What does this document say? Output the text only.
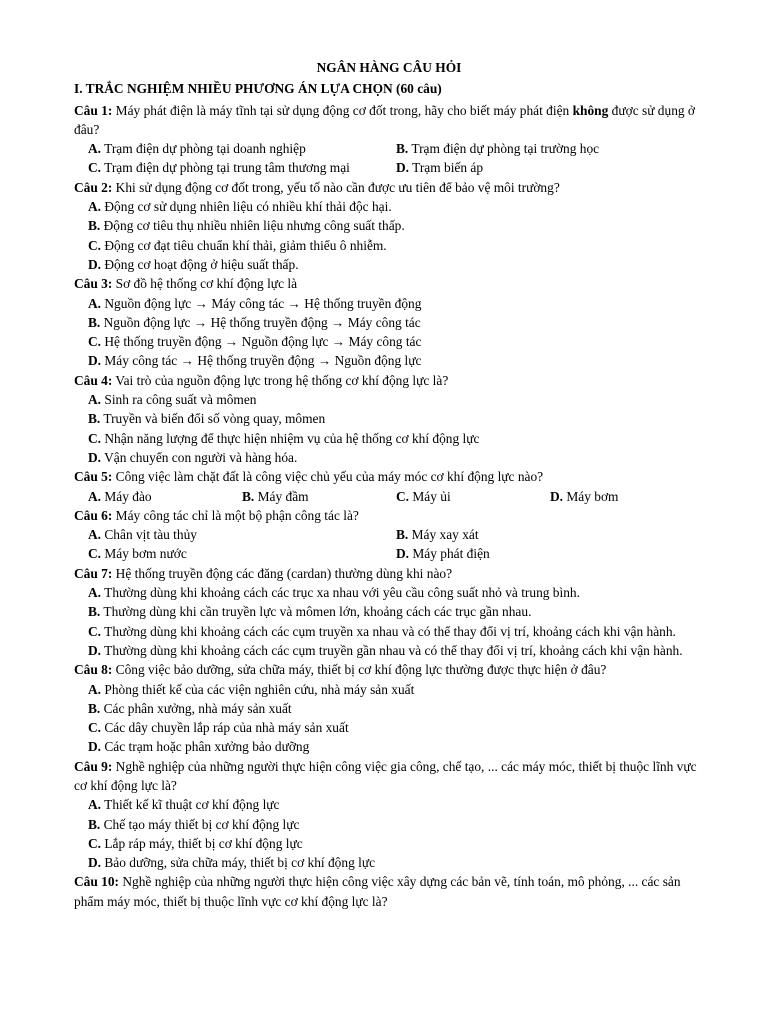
NGÂN HÀNG CÂU HỎI
I. TRẮC NGHIỆM NHIỀU PHƯƠNG ÁN LỰA CHỌN (60 câu)
Câu 1: Máy phát điện là máy tĩnh tại sử dụng động cơ đốt trong, hãy cho biết máy phát điện không được sử dụng ở đâu?
A. Trạm điện dự phòng tại doanh nghiệp	B. Trạm điện dự phòng tại trường học
C. Trạm điện dự phòng tại trung tâm thương mại	D. Trạm biến áp
Câu 2: Khi sử dụng động cơ đốt trong, yếu tố nào cần được ưu tiên để bảo vệ môi trường?
A. Động cơ sử dụng nhiên liệu có nhiều khí thải độc hại.
B. Động cơ tiêu thụ nhiều nhiên liệu nhưng công suất thấp.
C. Động cơ đạt tiêu chuẩn khí thải, giảm thiểu ô nhiễm.
D. Động cơ hoạt động ở hiệu suất thấp.
Câu 3: Sơ đồ hệ thống cơ khí động lực là
A. Nguồn động lực → Máy công tác → Hệ thống truyền động
B. Nguồn động lực → Hệ thống truyền động → Máy công tác
C. Hệ thống truyền động → Nguồn động lực → Máy công tác
D. Máy công tác → Hệ thống truyền động → Nguồn động lực
Câu 4: Vai trò của nguồn động lực trong hệ thống cơ khí động lực là?
A. Sinh ra công suất và mômen
B. Truyền và biến đổi số vòng quay, mômen
C. Nhận năng lượng để thực hiện nhiệm vụ của hệ thống cơ khí động lực
D. Vận chuyển con người và hàng hóa.
Câu 5: Công việc làm chặt đất là công việc chủ yếu của máy móc cơ khí động lực nào?
A. Máy đào	B. Máy đầm	C. Máy ủi	D. Máy bơm
Câu 6: Máy công tác chỉ là một bộ phận công tác là?
A. Chân vịt tàu thủy	B. Máy xay xát
C. Máy bơm nước	D. Máy phát điện
Câu 7: Hệ thống truyền động các đăng (cardan) thường dùng khi nào?
A. Thường dùng khi khoảng cách các trục xa nhau với yêu cầu công suất nhỏ và trung bình.
B. Thường dùng khi cần truyền lực và mômen lớn, khoảng cách các trục gần nhau.
C. Thường dùng khi khoảng cách các cụm truyền xa nhau và có thể thay đổi vị trí, khoảng cách khi vận hành.
D. Thường dùng khi khoảng cách các cụm truyền gần nhau và có thể thay đổi vị trí, khoảng cách khi vận hành.
Câu 8: Công việc bảo dưỡng, sửa chữa máy, thiết bị cơ khí động lực thường được thực hiện ở đâu?
A. Phòng thiết kế của các viện nghiên cứu, nhà máy sản xuất
B. Các phân xưởng, nhà máy sản xuất
C. Các dây chuyền lắp ráp của nhà máy sản xuất
D. Các trạm hoặc phân xưởng bảo dưỡng
Câu 9: Nghề nghiệp của những người thực hiện công việc gia công, chế tạo, ... các máy móc, thiết bị thuộc lĩnh vực cơ khí động lực là?
A. Thiết kế kĩ thuật cơ khí động lực
B. Chế tạo máy thiết bị cơ khí động lực
C. Lắp ráp máy, thiết bị cơ khí động lực
D. Bảo dưỡng, sửa chữa máy, thiết bị cơ khí động lực
Câu 10: Nghề nghiệp của những người thực hiện công việc xây dựng các bản vẽ, tính toán, mô phỏng, ... các sản phẩm máy móc, thiết bị thuộc lĩnh vực cơ khí động lực là?
